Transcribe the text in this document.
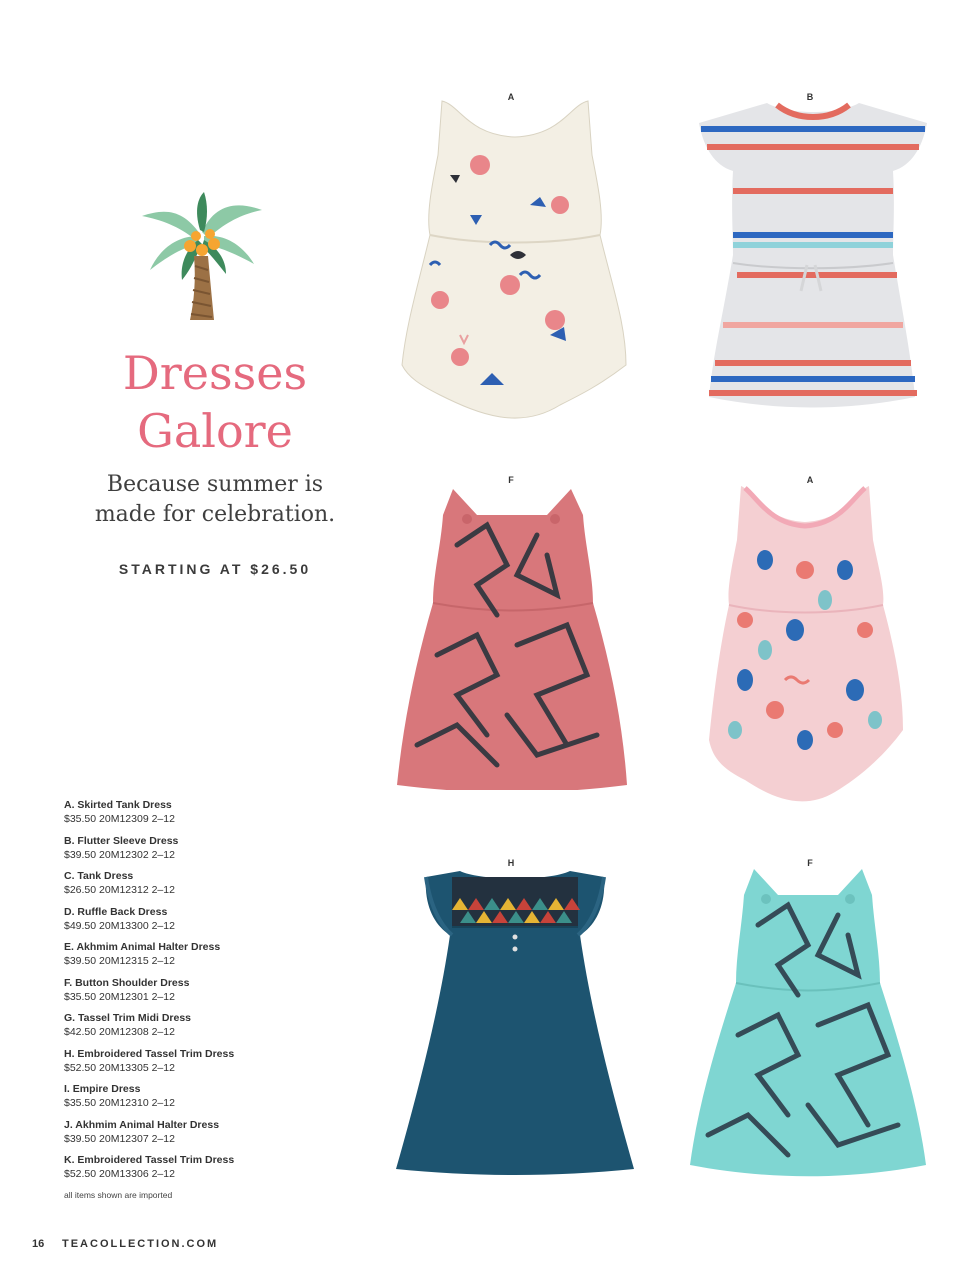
Dresses
Galore
Because summer is
made for celebration.
STARTING AT $26.50
A	B
F	A
H	F
A. Skirted Tank Dress
$35.50 20M12309 2–12
B. Flutter Sleeve Dress
$39.50 20M12302 2–12
C. Tank Dress
$26.50 20M12312 2–12
D. Ruffle Back Dress
$49.50 20M13300 2–12
E. Akhmim Animal Halter Dress
$39.50 20M12315 2–12
F. Button Shoulder Dress
$35.50 20M12301 2–12
G. Tassel Trim Midi Dress
$42.50 20M12308 2–12
H. Embroidered Tassel Trim Dress
$52.50 20M13305 2–12
I. Empire Dress
$35.50 20M12310 2–12
J. Akhmim Animal Halter Dress
$39.50 20M12307 2–12
K. Embroidered Tassel Trim Dress
$52.50 20M13306 2–12
all items shown are imported
16 TEACOLLECTION.COM
